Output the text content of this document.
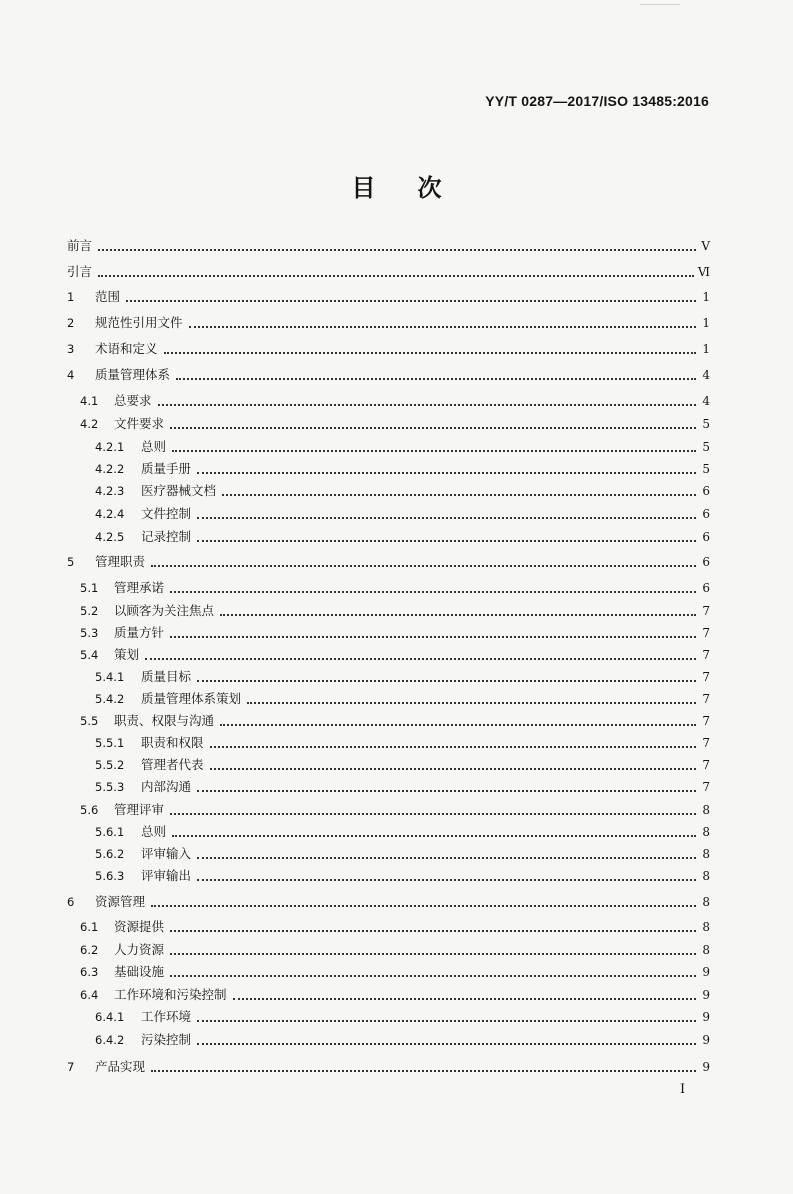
YY/T 0287—2017/ISO 13485:2016
目 次
前言	Ⅴ
引言	Ⅵ
1	范围	1
2	规范性引用文件	1
3	术语和定义	1
4	质量管理体系	4
4.1	总要求	4
4.2	文件要求	5
4.2.1	总则	5
4.2.2	质量手册	5
4.2.3	医疗器械文档	6
4.2.4	文件控制	6
4.2.5	记录控制	6
5	管理职责	6
5.1	管理承诺	6
5.2	以顾客为关注焦点	7
5.3	质量方针	7
5.4	策划	7
5.4.1	质量目标	7
5.4.2	质量管理体系策划	7
5.5	职责、权限与沟通	7
5.5.1	职责和权限	7
5.5.2	管理者代表	7
5.5.3	内部沟通	7
5.6	管理评审	8
5.6.1	总则	8
5.6.2	评审输入	8
5.6.3	评审输出	8
6	资源管理	8
6.1	资源提供	8
6.2	人力资源	8
6.3	基础设施	9
6.4	工作环境和污染控制	9
6.4.1	工作环境	9
6.4.2	污染控制	9
7	产品实现	9
I
